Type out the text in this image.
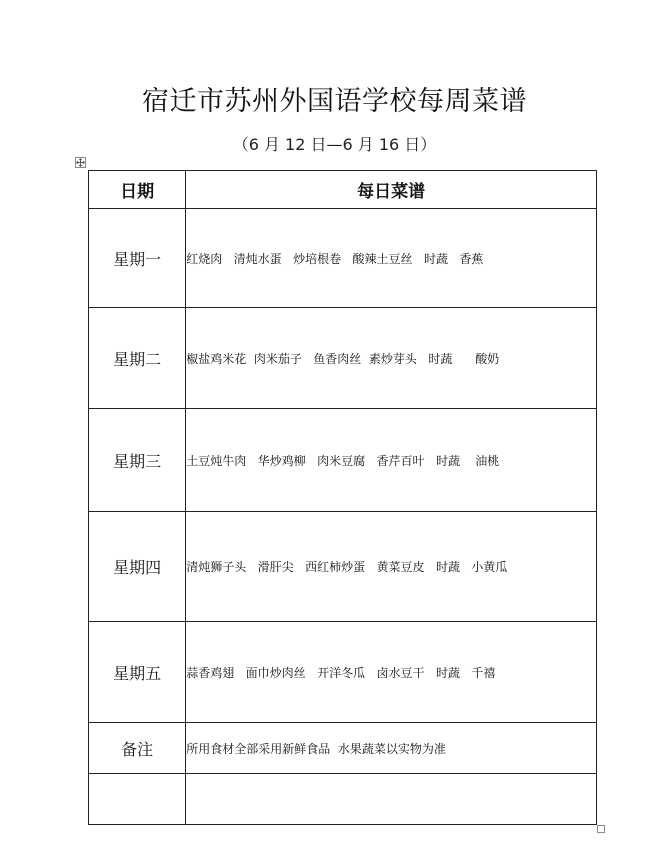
宿迁市苏州外国语学校每周菜谱
（6 月 12 日—6 月 16 日）
日期	每日菜谱
星期一	红烧肉   清炖水蛋   炒培根卷   酸辣土豆丝   时蔬   香蕉
星期二	椒盐鸡米花  肉米茄子   鱼香肉丝  素炒芽头   时蔬      酸奶
星期三	土豆炖牛肉   华炒鸡柳   肉米豆腐   香芹百叶   时蔬    油桃
星期四	清炖狮子头   滑肝尖   西红柿炒蛋   黄菜豆皮   时蔬   小黄瓜
星期五	蒜香鸡翅   面巾炒肉丝   开洋冬瓜   卤水豆干   时蔬   千禧
备注	所用食材全部采用新鲜食品  水果蔬菜以实物为准
